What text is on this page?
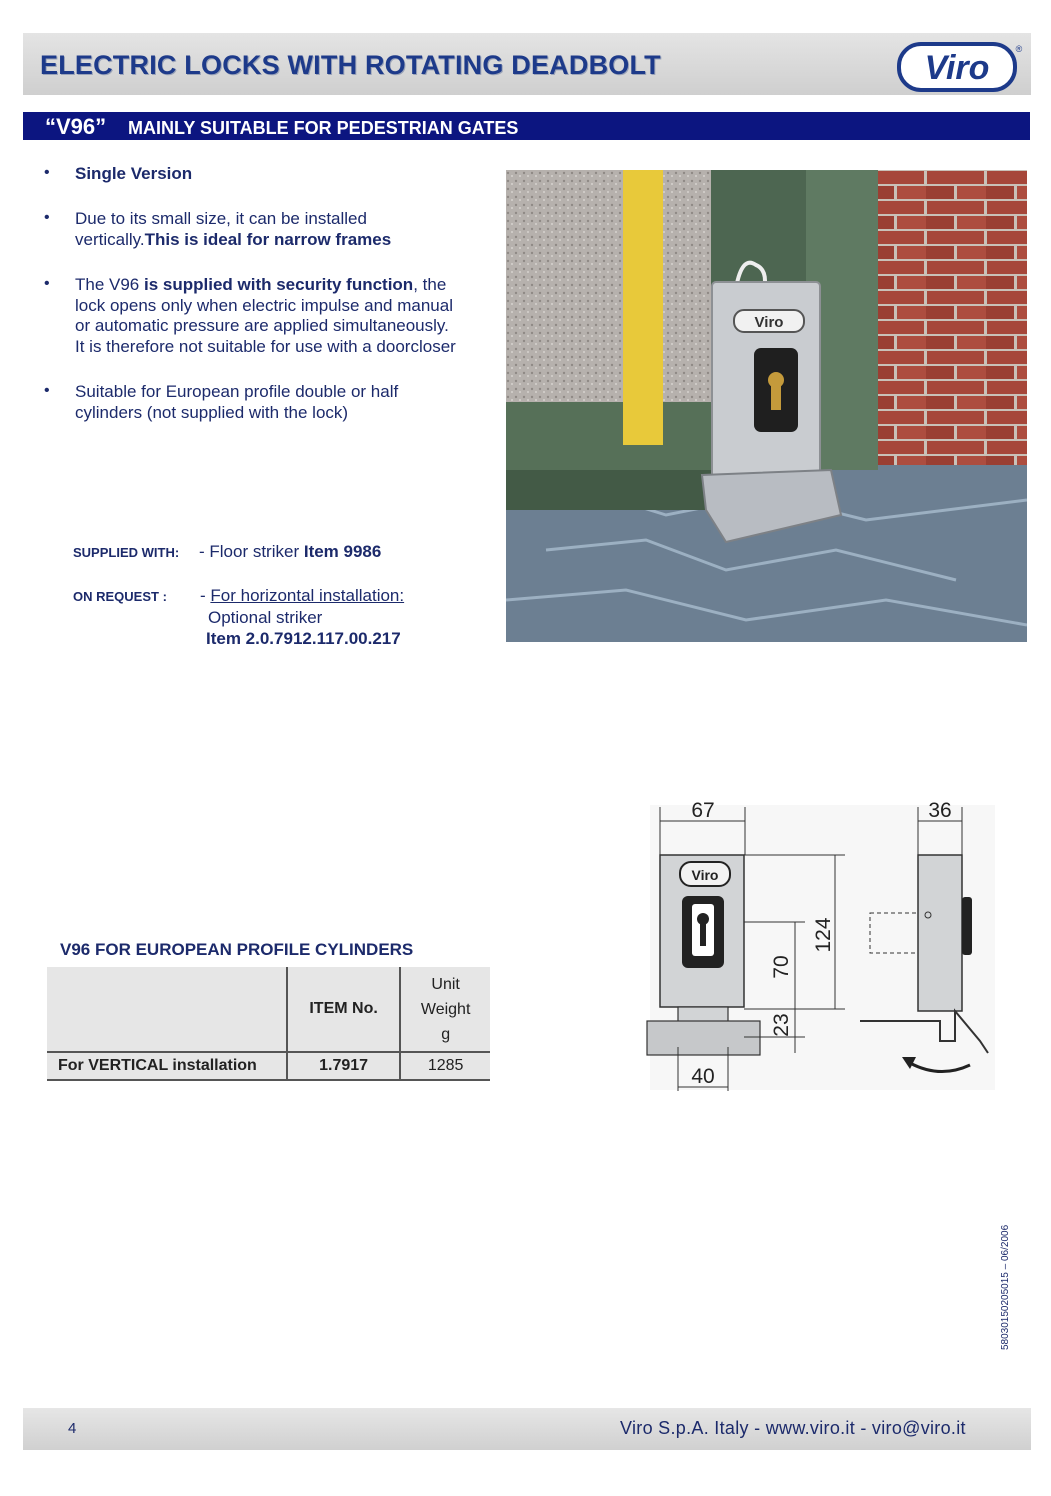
ELECTRIC LOCKS WITH ROTATING DEADBOLT	Viro	®
“V96” MAINLY SUITABLE FOR PEDESTRIAN GATES
• Single Version
• Due to its small size, it can be installed
vertically.This is ideal for narrow frames
• The V96 is supplied with security function, the
lock opens only when electric impulse and manual
or automatic pressure are applied simultaneously.
It is therefore not suitable for use with a doorcloser
• Suitable for European profile double or half
cylinders (not supplied with the lock)
SUPPLIED WITH: - Floor striker Item 9986
ON REQUEST : - For horizontal installation:
Optional striker
Item 2.0.7912.117.00.217
Viro
V96 FOR EUROPEAN PROFILE CYLINDERS
	ITEM No.	Unit
Weight
g
For VERTICAL installation	1.7917	1285
67
Viro
124
70
23
40
36
58030150205015 – 06/2006
4	Viro S.p.A. Italy - www.viro.it - viro@viro.it
